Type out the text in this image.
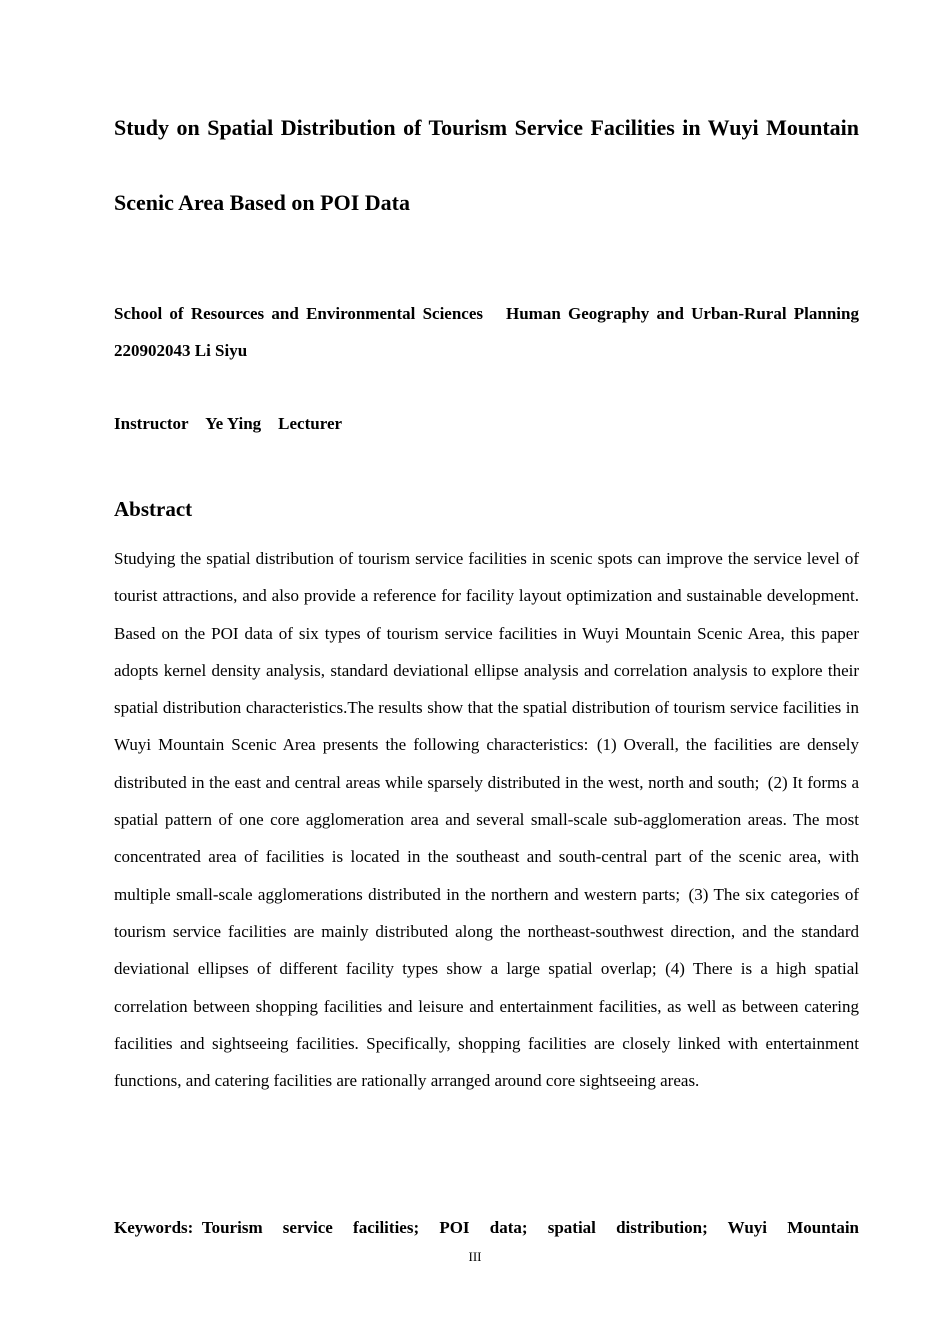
Study on Spatial Distribution of Tourism Service Facilities in Wuyi Mountain Scenic Area Based on POI Data

School of Resources and Environmental Sciences　Human Geography and Urban-Rural Planning　220902043 Li Siyu

Instructor　Ye Ying　Lecturer

Abstract

Studying the spatial distribution of tourism service facilities in scenic spots can improve the service level of tourist attractions, and also provide a reference for facility layout optimization and sustainable development. Based on the POI data of six types of tourism service facilities in Wuyi Mountain Scenic Area, this paper adopts kernel density analysis, standard deviational ellipse analysis and correlation analysis to explore their spatial distribution characteristics.The results show that the spatial distribution of tourism service facilities in Wuyi Mountain Scenic Area presents the following characteristics: (1) Overall, the facilities are densely distributed in the east and central areas while sparsely distributed in the west, north and south; (2) It forms a spatial pattern of one core agglomeration area and several small-scale sub-agglomeration areas. The most concentrated area of facilities is located in the southeast and south-central part of the scenic area, with multiple small-scale agglomerations distributed in the northern and western parts; (3) The six categories of tourism service facilities are mainly distributed along the northeast-southwest direction, and the standard deviational ellipses of different facility types show a large spatial overlap; (4) There is a high spatial correlation between shopping facilities and leisure and entertainment facilities, as well as between catering facilities and sightseeing facilities. Specifically, shopping facilities are closely linked with entertainment functions, and catering facilities are rationally arranged around core sightseeing areas.

Keywords: Tourism service facilities; POI data; spatial distribution; Wuyi Mountain

III
